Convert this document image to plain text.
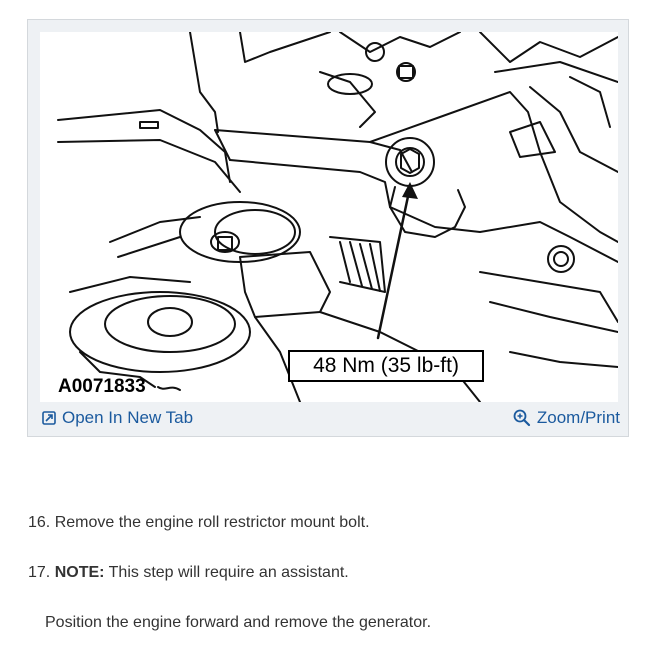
48 Nm (35 lb-ft)
A0071833
Open In New Tab	Zoom/Print
16. Remove the engine roll restrictor mount bolt.
17. NOTE: This step will require an assistant.
Position the engine forward and remove the generator.
